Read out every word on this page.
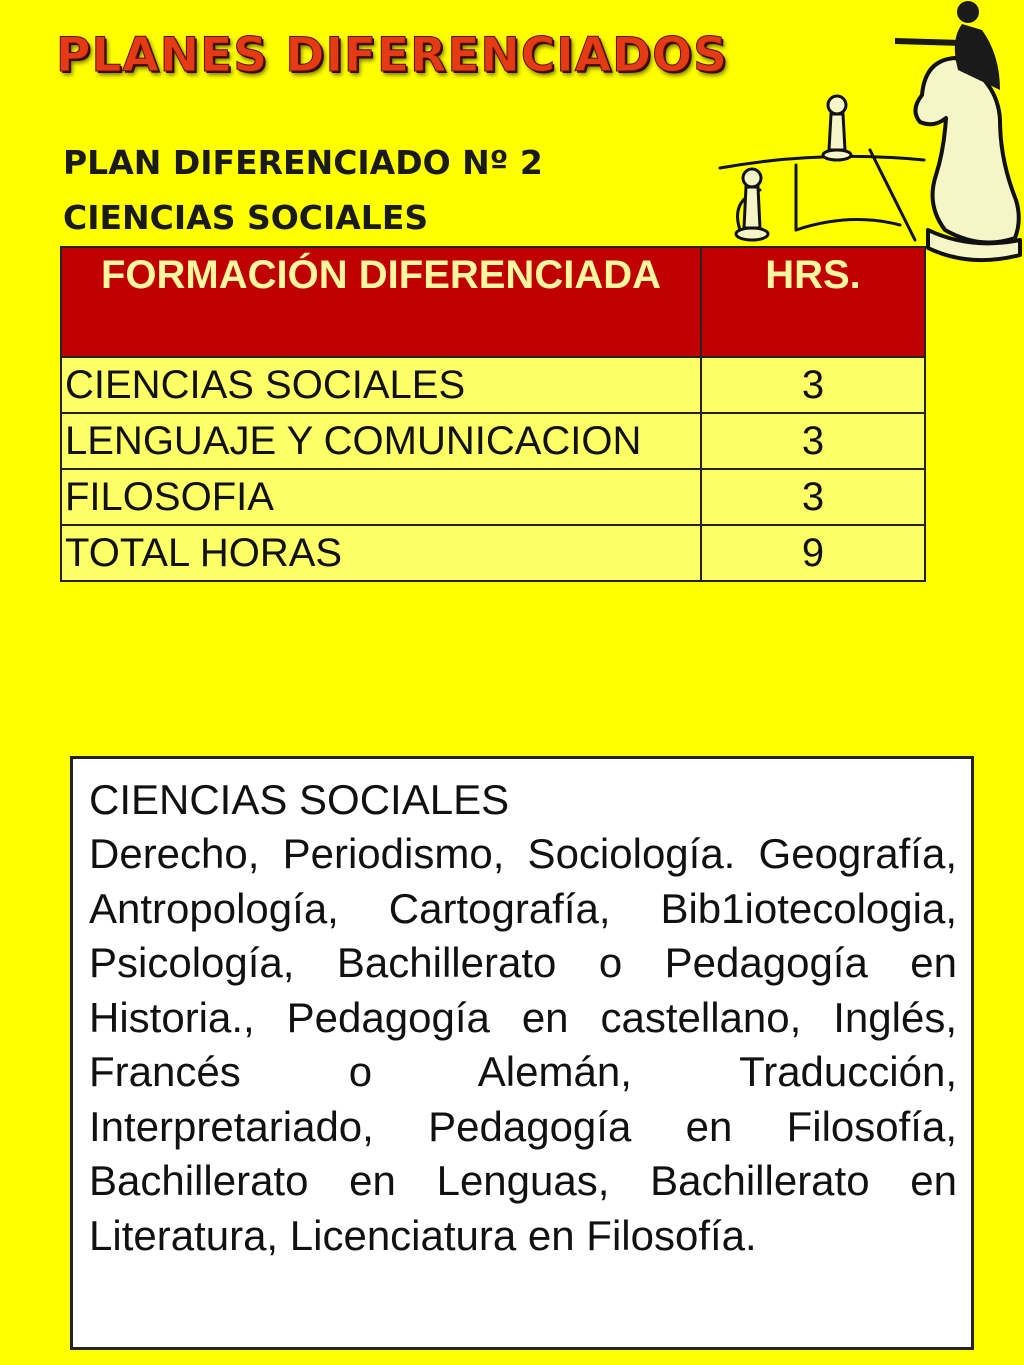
PLANES DIFERENCIADOS
PLAN DIFERENCIADO Nº 2
CIENCIAS SOCIALES
FORMACIÓN DIFERENCIADA	HRS.
CIENCIAS SOCIALES	3
LENGUAJE Y COMUNICACION	3
FILOSOFIA	3
TOTAL HORAS	9
CIENCIAS SOCIALES
Derecho, Periodismo, Sociología. Geografía, Antropología, Cartografía, Bib1iotecologia, Psicología, Bachillerato o Pedagogía en Historia., Pedagogía en castellano, Inglés, Francés o Alemán, Traducción, Interpretariado, Pedagogía en Filosofía, Bachillerato en Lenguas, Bachillerato en Literatura, Licenciatura en Filosofía.
